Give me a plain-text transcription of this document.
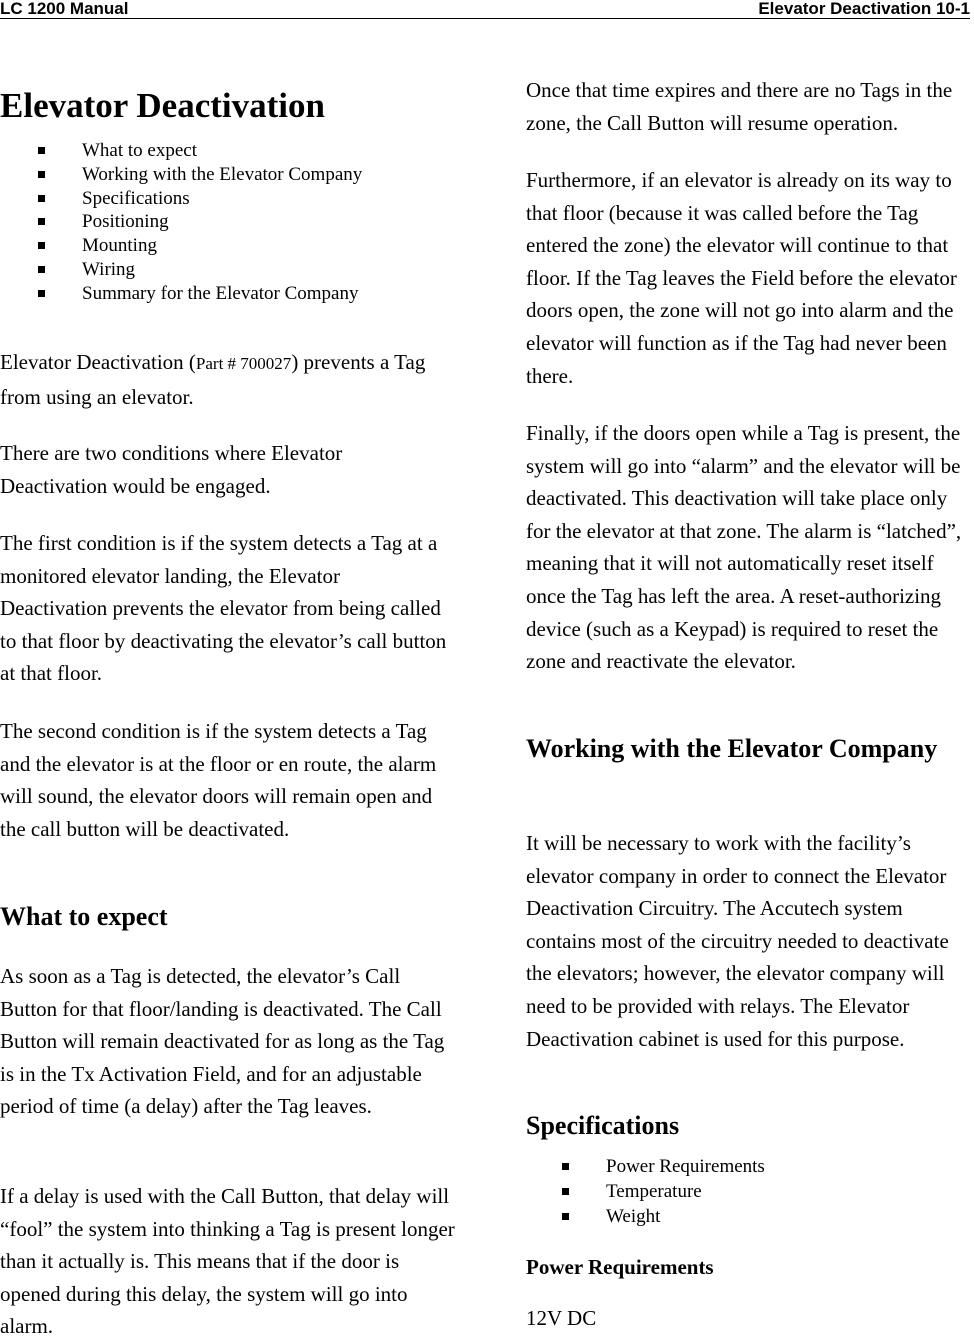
LC 1200 Manual	Elevator Deactivation 10-1
Elevator Deactivation
What to expect
Working with the Elevator Company
Specifications
Positioning
Mounting
Wiring
Summary for the Elevator Company

Elevator Deactivation (Part # 700027) prevents a Tag from using an elevator.

There are two conditions where Elevator Deactivation would be engaged.

The first condition is if the system detects a Tag at a monitored elevator landing, the Elevator Deactivation prevents the elevator from being called to that floor by deactivating the elevator’s call button at that floor.

The second condition is if the system detects a Tag and the elevator is at the floor or en route, the alarm will sound, the elevator doors will remain open and the call button will be deactivated.

What to expect

As soon as a Tag is detected, the elevator’s Call Button for that floor/landing is deactivated. The Call Button will remain deactivated for as long as the Tag is in the Tx Activation Field, and for an adjustable period of time (a delay) after the Tag leaves.

If a delay is used with the Call Button, that delay will “fool” the system into thinking a Tag is present longer than it actually is. This means that if the door is opened during this delay, the system will go into alarm.

Once that time expires and there are no Tags in the zone, the Call Button will resume operation.

Furthermore, if an elevator is already on its way to that floor (because it was called before the Tag entered the zone) the elevator will continue to that floor. If the Tag leaves the Field before the elevator doors open, the zone will not go into alarm and the elevator will function as if the Tag had never been there.

Finally, if the doors open while a Tag is present, the system will go into “alarm” and the elevator will be deactivated. This deactivation will take place only for the elevator at that zone. The alarm is “latched”, meaning that it will not automatically reset itself once the Tag has left the area. A reset-authorizing device (such as a Keypad) is required to reset the zone and reactivate the elevator.

Working with the Elevator Company

It will be necessary to work with the facility’s elevator company in order to connect the Elevator Deactivation Circuitry. The Accutech system contains most of the circuitry needed to deactivate the elevators; however, the elevator company will need to be provided with relays. The Elevator Deactivation cabinet is used for this purpose.

Specifications
Power Requirements
Temperature
Weight
Power Requirements

12V DC
